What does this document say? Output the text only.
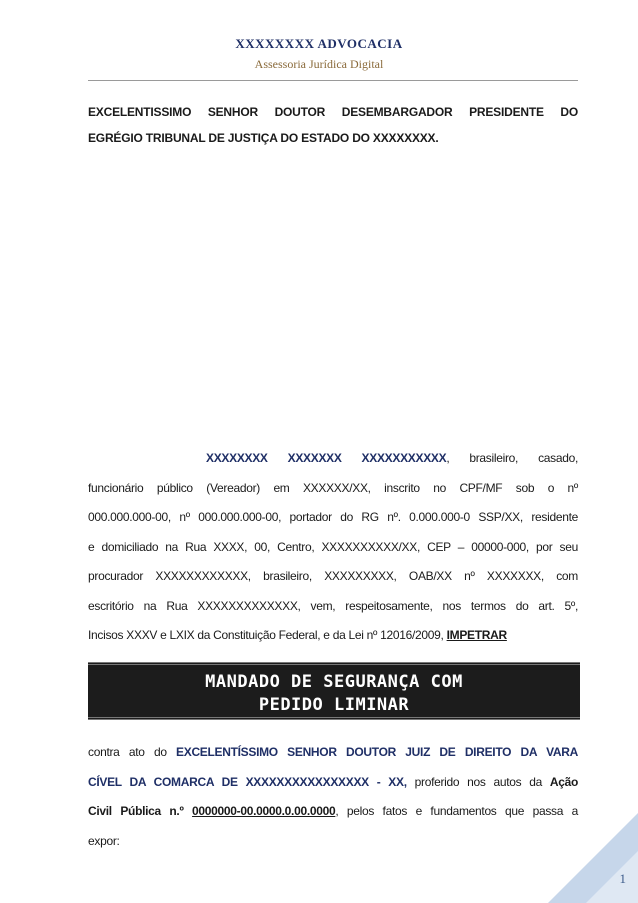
XXXXXXXX ADVOCACIA
Assessoria Jurídica Digital
EXCELENTISSIMO SENHOR DOUTOR DESEMBARGADOR PRESIDENTE DO
EGRÉGIO TRIBUNAL DE JUSTIÇA DO ESTADO DO XXXXXXXX.
XXXXXXXX XXXXXXX XXXXXXXXXXX, brasileiro, casado,
funcionário público (Vereador) em XXXXXX/XX, inscrito no CPF/MF sob o nº
000.000.000-00, nº 000.000.000-00, portador do RG nº. 0.000.000-0 SSP/XX, residente
e domiciliado na Rua XXXX, 00, Centro, XXXXXXXXXX/XX, CEP – 00000-000, por seu
procurador XXXXXXXXXXXX, brasileiro, XXXXXXXXX, OAB/XX nº XXXXXXX, com
escritório na Rua XXXXXXXXXXXXX, vem, respeitosamente, nos termos do art. 5º,
Incisos XXXV e LXIX da Constituição Federal, e da Lei nº 12016/2009, IMPETRAR
MANDADO DE SEGURANÇA COM
PEDIDO LIMINAR
contra ato do EXCELENTÍSSIMO SENHOR DOUTOR JUIZ DE DIREITO DA VARA
CÍVEL DA COMARCA DE XXXXXXXXXXXXXXXX - XX, proferido nos autos da Ação
Civil Pública n.º 0000000-00.0000.0.00.0000, pelos fatos e fundamentos que passa a
expor:
1
